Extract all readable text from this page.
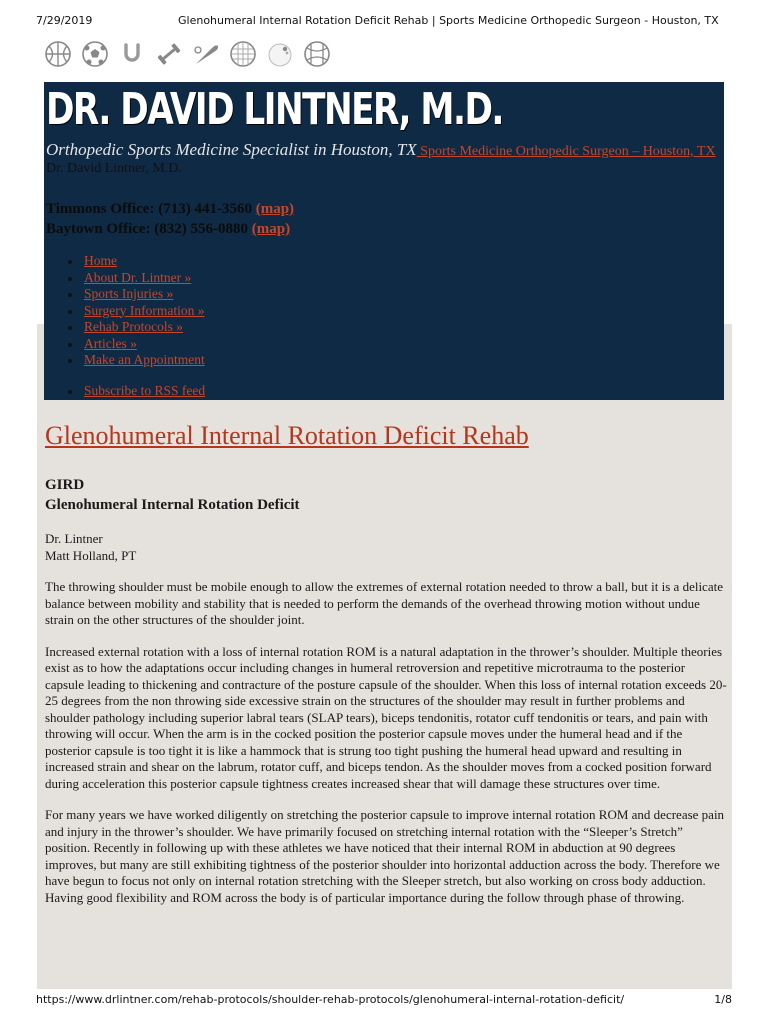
7/29/2019	Glenohumeral Internal Rotation Deficit Rehab | Sports Medicine Orthopedic Surgeon - Houston, TX
DR. DAVID LINTNER, M.D.
Orthopedic Sports Medicine Specialist in Houston, TX Sports Medicine Orthopedic Surgeon – Houston, TX Dr. David Lintner, M.D.
Timmons Office: (713) 441-3560 (map)
Baytown Office: (832) 556-0880 (map)
Home
About Dr. Lintner »
Sports Injuries »
Surgery Information »
Rehab Protocols »
Articles »
Make an Appointment
Subscribe to RSS feed
Glenohumeral Internal Rotation Deficit Rehab
GIRD
Glenohumeral Internal Rotation Deficit
Dr. Lintner
Matt Holland, PT

The throwing shoulder must be mobile enough to allow the extremes of external rotation needed to throw a ball, but it is a delicate balance between mobility and stability that is needed to perform the demands of the overhead throwing motion without undue strain on the other structures of the shoulder joint.

Increased external rotation with a loss of internal rotation ROM is a natural adaptation in the thrower’s shoulder. Multiple theories exist as to how the adaptations occur including changes in humeral retroversion and repetitive microtrauma to the posterior capsule leading to thickening and contracture of the posture capsule of the shoulder. When this loss of internal rotation exceeds 20-25 degrees from the non throwing side excessive strain on the structures of the shoulder may result in further problems and shoulder pathology including superior labral tears (SLAP tears), biceps tendonitis, rotator cuff tendonitis or tears, and pain with throwing will occur. When the arm is in the cocked position the posterior capsule moves under the humeral head and if the posterior capsule is too tight it is like a hammock that is strung too tight pushing the humeral head upward and resulting in increased strain and shear on the labrum, rotator cuff, and biceps tendon. As the shoulder moves from a cocked position forward during acceleration this posterior capsule tightness creates increased shear that will damage these structures over time.

For many years we have worked diligently on stretching the posterior capsule to improve internal rotation ROM and decrease pain and injury in the thrower’s shoulder. We have primarily focused on stretching internal rotation with the “Sleeper’s Stretch” position. Recently in following up with these athletes we have noticed that their internal ROM in abduction at 90 degrees improves, but many are still exhibiting tightness of the posterior shoulder into horizontal adduction across the body. Therefore we have begun to focus not only on internal rotation stretching with the Sleeper stretch, but also working on cross body adduction. Having good flexibility and ROM across the body is of particular importance during the follow through phase of throwing.

https://www.drlintner.com/rehab-protocols/shoulder-rehab-protocols/glenohumeral-internal-rotation-deficit/	1/8
